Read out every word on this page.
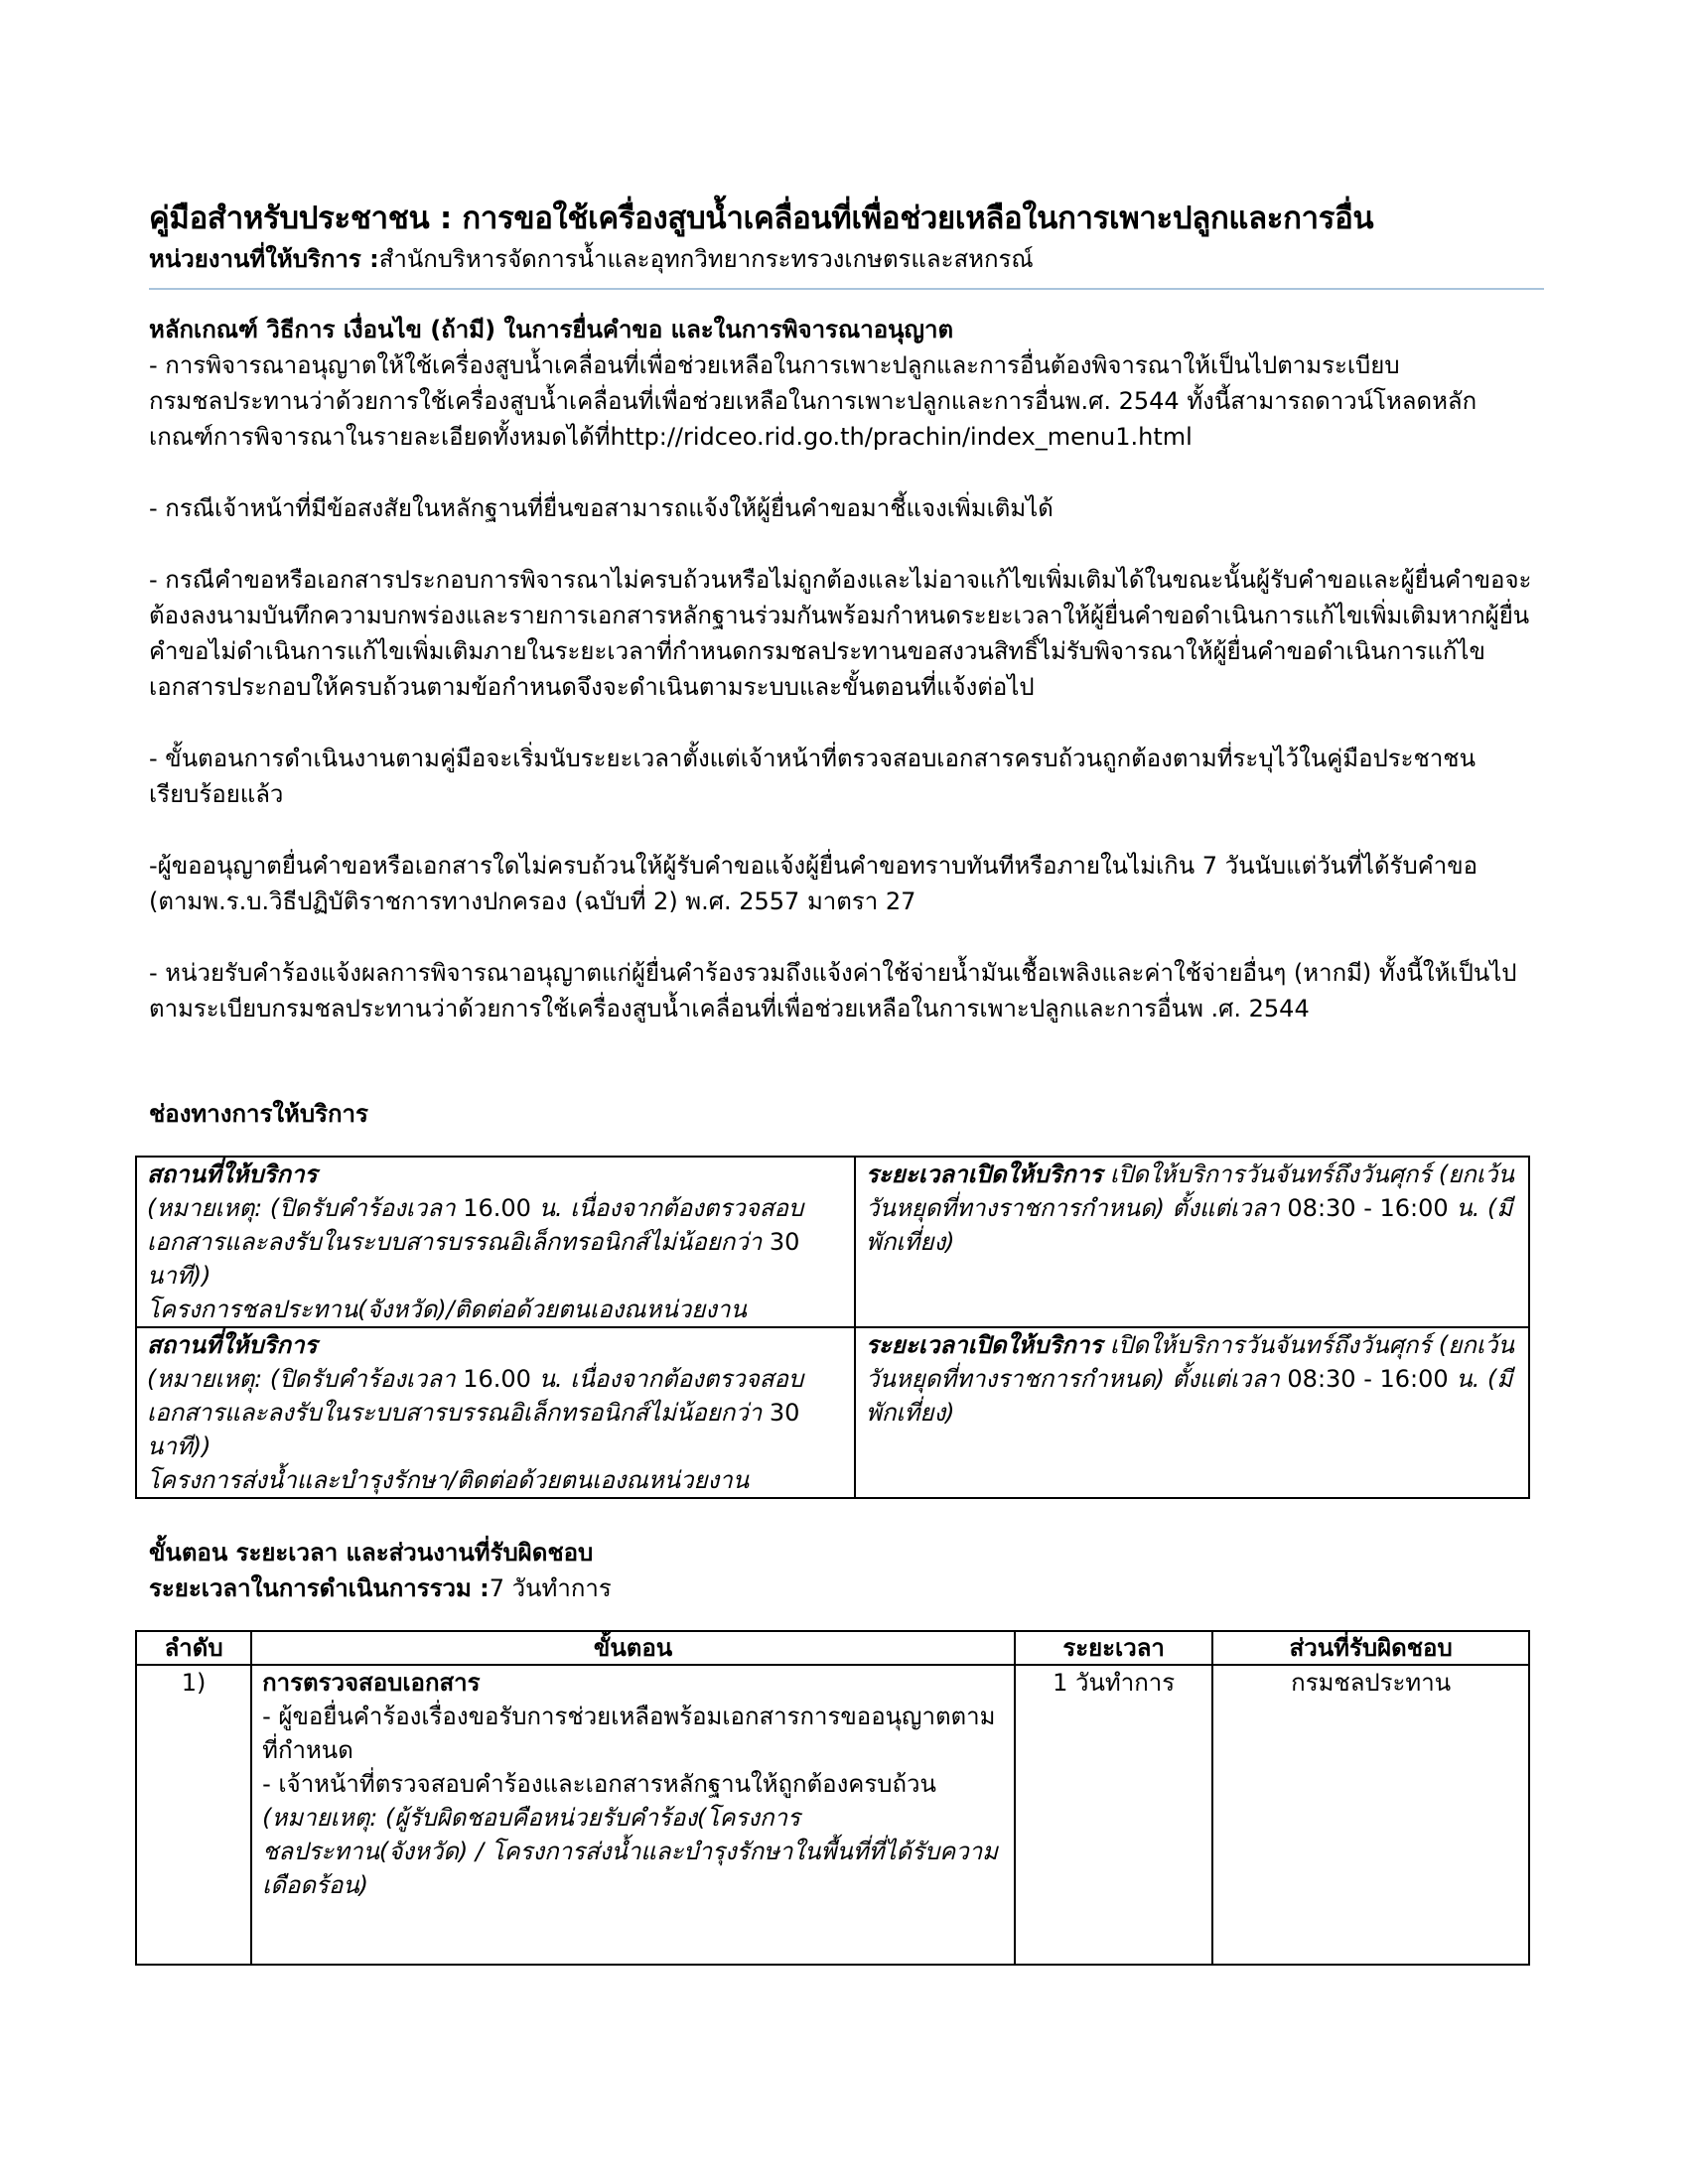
คู่มือสำหรับประชาชน : การขอใช้เครื่องสูบน้ำเคลื่อนที่เพื่อช่วยเหลือในการเพาะปลูกและการอื่น
หน่วยงานที่ให้บริการ :สำนักบริหารจัดการน้ำและอุทกวิทยากระทรวงเกษตรและสหกรณ์
หลักเกณฑ์ วิธีการ เงื่อนไข (ถ้ามี) ในการยื่นคำขอ และในการพิจารณาอนุญาต
- การพิจารณาอนุญาตให้ใช้เครื่องสูบน้ำเคลื่อนที่เพื่อช่วยเหลือในการเพาะปลูกและการอื่นต้องพิจารณาให้เป็นไปตามระเบียบกรมชลประทานว่าด้วยการใช้เครื่องสูบน้ำเคลื่อนที่เพื่อช่วยเหลือในการเพาะปลูกและการอื่นพ.ศ. 2544 ทั้งนี้สามารถดาวน์โหลดหลักเกณฑ์การพิจารณาในรายละเอียดทั้งหมดได้ที่http://ridceo.rid.go.th/prachin/index_menu1.html
- กรณีเจ้าหน้าที่มีข้อสงสัยในหลักฐานที่ยื่นขอสามารถแจ้งให้ผู้ยื่นคำขอมาชี้แจงเพิ่มเติมได้
- กรณีคำขอหรือเอกสารประกอบการพิจารณาไม่ครบถ้วนหรือไม่ถูกต้องและไม่อาจแก้ไขเพิ่มเติมได้ในขณะนั้นผู้รับคำขอและผู้ยื่นคำขอจะต้องลงนามบันทึกความบกพร่องและรายการเอกสารหลักฐานร่วมกันพร้อมกำหนดระยะเวลาให้ผู้ยื่นคำขอดำเนินการแก้ไขเพิ่มเติมหากผู้ยื่นคำขอไม่ดำเนินการแก้ไขเพิ่มเติมภายในระยะเวลาที่กำหนดกรมชลประทานขอสงวนสิทธิ์ไม่รับพิจารณาให้ผู้ยื่นคำขอดำเนินการแก้ไขเอกสารประกอบให้ครบถ้วนตามข้อกำหนดจึงจะดำเนินตามระบบและขั้นตอนที่แจ้งต่อไป
- ขั้นตอนการดำเนินงานตามคู่มือจะเริ่มนับระยะเวลาตั้งแต่เจ้าหน้าที่ตรวจสอบเอกสารครบถ้วนถูกต้องตามที่ระบุไว้ในคู่มือประชาชนเรียบร้อยแล้ว
-ผู้ขออนุญาตยื่นคำขอหรือเอกสารใดไม่ครบถ้วนให้ผู้รับคำขอแจ้งผู้ยื่นคำขอทราบทันทีหรือภายในไม่เกิน 7 วันนับแต่วันที่ได้รับคำขอ (ตามพ.ร.บ.วิธีปฏิบัติราชการทางปกครอง (ฉบับที่ 2) พ.ศ. 2557 มาตรา 27
- หน่วยรับคำร้องแจ้งผลการพิจารณาอนุญาตแก่ผู้ยื่นคำร้องรวมถึงแจ้งค่าใช้จ่ายน้ำมันเชื้อเพลิงและค่าใช้จ่ายอื่นๆ (หากมี) ทั้งนี้ให้เป็นไปตามระเบียบกรมชลประทานว่าด้วยการใช้เครื่องสูบน้ำเคลื่อนที่เพื่อช่วยเหลือในการเพาะปลูกและการอื่นพ .ศ. 2544
ช่องทางการให้บริการ
สถานที่ให้บริการ
(หมายเหตุ: (ปิดรับคำร้องเวลา 16.00 น. เนื่องจากต้องตรวจสอบเอกสารและลงรับในระบบสารบรรณอิเล็กทรอนิกส์ไม่น้อยกว่า 30 นาที))
โครงการชลประทาน(จังหวัด)/ติดต่อด้วยตนเองณหน่วยงาน	ระยะเวลาเปิดให้บริการ เปิดให้บริการวันจันทร์ถึงวันศุกร์ (ยกเว้นวันหยุดที่ทางราชการกำหนด) ตั้งแต่เวลา 08:30 - 16:00 น. (มีพักเที่ยง)
สถานที่ให้บริการ
(หมายเหตุ: (ปิดรับคำร้องเวลา 16.00 น. เนื่องจากต้องตรวจสอบเอกสารและลงรับในระบบสารบรรณอิเล็กทรอนิกส์ไม่น้อยกว่า 30 นาที))
โครงการส่งน้ำและบำรุงรักษา/ติดต่อด้วยตนเองณหน่วยงาน	ระยะเวลาเปิดให้บริการ เปิดให้บริการวันจันทร์ถึงวันศุกร์ (ยกเว้นวันหยุดที่ทางราชการกำหนด) ตั้งแต่เวลา 08:30 - 16:00 น. (มีพักเที่ยง)
ขั้นตอน ระยะเวลา และส่วนงานที่รับผิดชอบ
ระยะเวลาในการดำเนินการรวม :7 วันทำการ
ลำดับ	ขั้นตอน	ระยะเวลา	ส่วนที่รับผิดชอบ
1)	การตรวจสอบเอกสาร
- ผู้ขอยื่นคำร้องเรื่องขอรับการช่วยเหลือพร้อมเอกสารการขออนุญาตตามที่กำหนด
- เจ้าหน้าที่ตรวจสอบคำร้องและเอกสารหลักฐานให้ถูกต้องครบถ้วน
(หมายเหตุ: (ผู้รับผิดชอบคือหน่วยรับคำร้อง(โครงการชลประทาน(จังหวัด) / โครงการส่งน้ำและบำรุงรักษาในพื้นที่ที่ได้รับความเดือดร้อน)	1 วันทำการ	กรมชลประทาน
